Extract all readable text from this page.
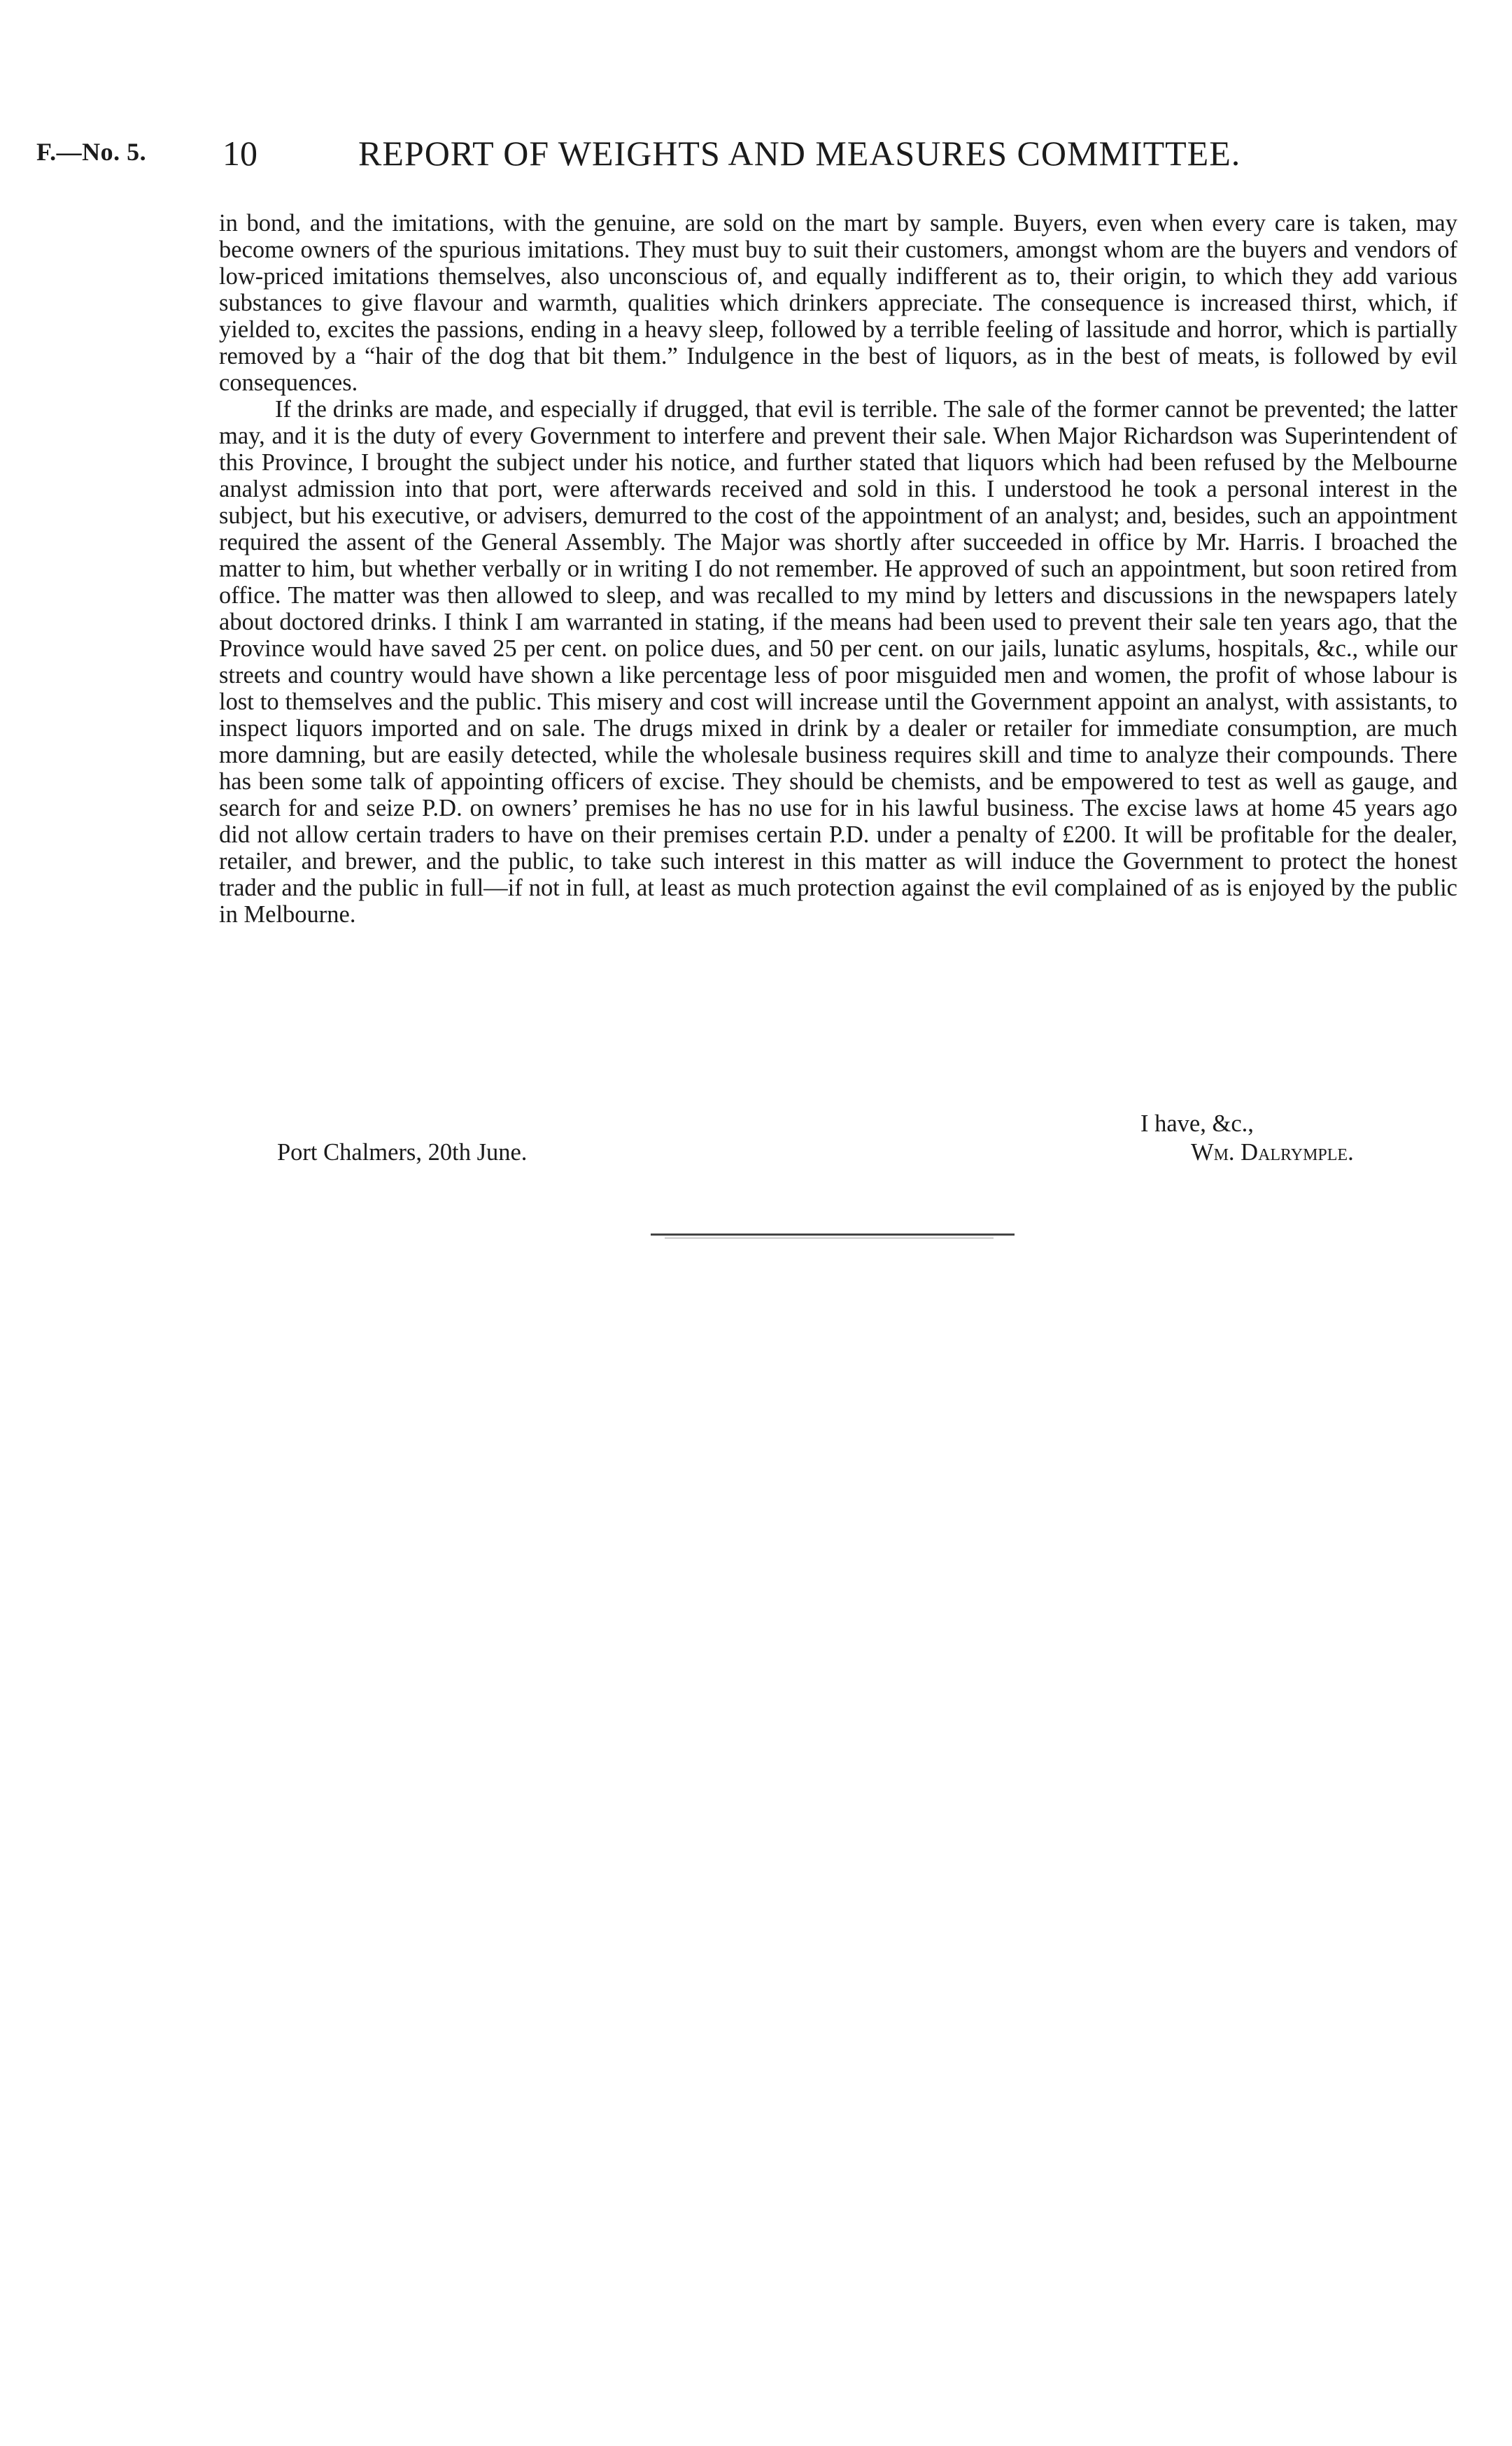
F.—No. 5. 10	REPORT OF WEIGHTS AND MEASURES COMMITTEE.

in bond, and the imitations, with the genuine, are sold on the mart by sample. Buyers, even when every care is taken, may become owners of the spurious imitations. They must buy to suit their customers, amongst whom are the buyers and vendors of low-priced imitations themselves, also unconscious of, and equally indifferent as to, their origin, to which they add various substances to give flavour and warmth, qualities which drinkers appreciate. The consequence is increased thirst, which, if yielded to, excites the passions, ending in a heavy sleep, followed by a terrible feeling of lassitude and horror, which is partially removed by a “hair of the dog that bit them.” Indulgence in the best of liquors, as in the best of meats, is followed by evil consequences.

If the drinks are made, and especially if drugged, that evil is terrible. The sale of the former cannot be prevented; the latter may, and it is the duty of every Government to interfere and prevent their sale. When Major Richardson was Superintendent of this Province, I brought the subject under his notice, and further stated that liquors which had been refused by the Melbourne analyst admission into that port, were afterwards received and sold in this. I understood he took a personal interest in the subject, but his executive, or advisers, demurred to the cost of the appointment of an analyst; and, besides, such an appointment required the assent of the General Assembly. The Major was shortly after succeeded in office by Mr. Harris. I broached the matter to him, but whether verbally or in writing I do not remember. He approved of such an appointment, but soon retired from office. The matter was then allowed to sleep, and was recalled to my mind by letters and discussions in the newspapers lately about doctored drinks. I think I am warranted in stating, if the means had been used to prevent their sale ten years ago, that the Province would have saved 25 per cent. on police dues, and 50 per cent. on our jails, lunatic asylums, hospitals, &c., while our streets and country would have shown a like percentage less of poor misguided men and women, the profit of whose labour is lost to themselves and the public. This misery and cost will increase until the Government appoint an analyst, with assistants, to inspect liquors imported and on sale. The drugs mixed in drink by a dealer or retailer for immediate consumption, are much more damning, but are easily detected, while the wholesale business requires skill and time to analyze their compounds. There has been some talk of appointing officers of excise. They should be chemists, and be empowered to test as well as gauge, and search for and seize P.D. on owners’ premises he has no use for in his lawful business. The excise laws at home 45 years ago did not allow certain traders to have on their premises certain P.D. under a penalty of £200. It will be profitable for the dealer, retailer, and brewer, and the public, to take such interest in this matter as will induce the Government to protect the honest trader and the public in full—if not in full, at least as much protection against the evil complained of as is enjoyed by the public in Melbourne.

I have, &c.,
Port Chalmers, 20th June.	Wm. Dalrymple.
